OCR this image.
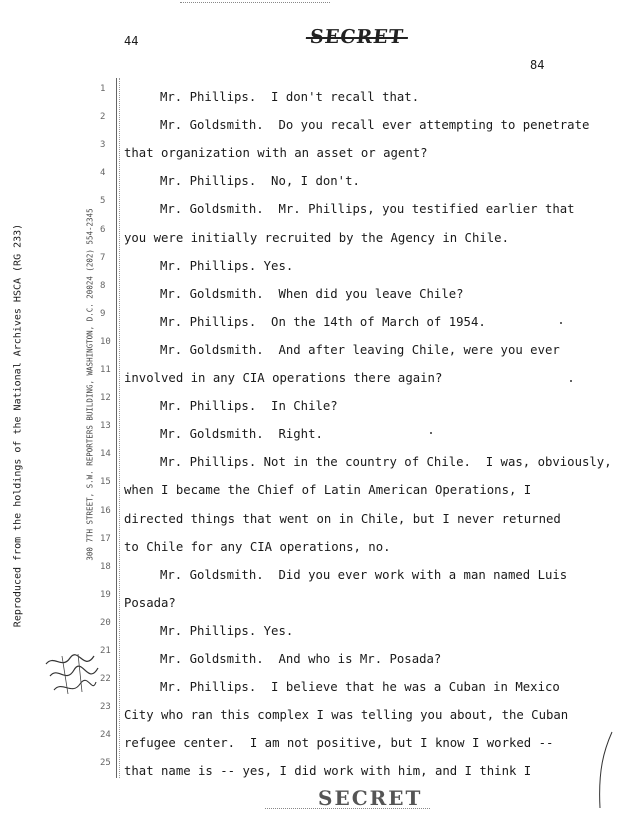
44	SECRET
84
Reproduced from the holdings of the National Archives HSCA (RG 233)	300 7TH STREET, S.W. REPORTERS BUILDING, WASHINGTON, D.C. 20024 (202) 554-2345
1
2
3
4
5
6
7
8
9
10
11
12
13
14
15
16
17
18
19
20
21
22
23
24
25
Mr. Phillips.  I don't recall that.
Mr. Goldsmith.  Do you recall ever attempting to penetrate
that organization with an asset or agent?
Mr. Phillips.  No, I don't.
Mr. Goldsmith.  Mr. Phillips, you testified earlier that
you were initially recruited by the Agency in Chile.
Mr. Phillips. Yes.
Mr. Goldsmith.  When did you leave Chile?
Mr. Phillips.  On the 14th of March of 1954.
Mr. Goldsmith.  And after leaving Chile, were you ever
involved in any CIA operations there again?
Mr. Phillips.  In Chile?
Mr. Goldsmith.  Right.
Mr. Phillips. Not in the country of Chile.  I was, obviously,
when I became the Chief of Latin American Operations, I
directed things that went on in Chile, but I never returned
to Chile for any CIA operations, no.
Mr. Goldsmith.  Did you ever work with a man named Luis
Posada?
Mr. Phillips. Yes.
Mr. Goldsmith.  And who is Mr. Posada?
Mr. Phillips.  I believe that he was a Cuban in Mexico
City who ran this complex I was telling you about, the Cuban
refugee center.  I am not positive, but I know I worked --
that name is -- yes, I did work with him, and I think I
SECRET
